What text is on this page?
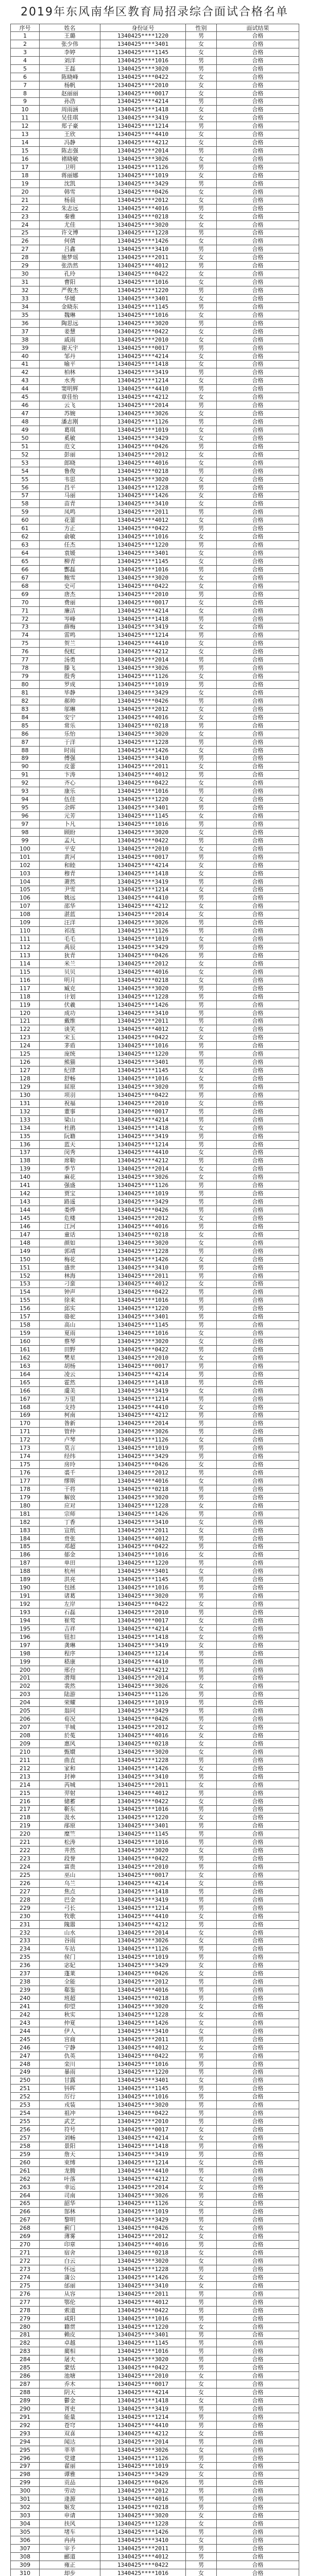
2019年东风南华区教育局招录综合面试合格名单
序号	姓名	身份证号	性别	面试结果
1	王璐	1340425****1220	男	合格
2	张少伟	1340425****3401	女	合格
3	李婷	1340425****1145	女	合格
4	刘洋	1340425****1016	男	合格
5	王磊	1340425****3020	男	合格
6	陈晓峰	1340425****0422	女	合格
7	杨帆	1340425****2010	女	合格
8	赵丽丽	1340425****0017	女	合格
9	孙浩	1340425****4214	男	合格
10	周雨涵	1340425****1418	女	合格
11	吴佳琪	1340425****3419	女	合格
12	郑子豪	1340425****1214	男	合格
13	王欣	1340425****4410	女	合格
14	冯静	1340425****4212	女	合格
15	陈志强	1340425****2014	男	合格
16	褚晓敏	1340425****3026	女	合格
17	卫明	1340425****1126	男	合格
18	蒋丽娜	1340425****1019	女	合格
19	沈凯	1340425****3429	男	合格
20	韩雪	1340425****0426	女	合格
21	杨晨	1340425****2012	女	合格
22	朱志远	1340425****4016	男	合格
23	秦雅	1340425****0218	女	合格
24	尤佳	1340425****3020	女	合格
25	许文博	1340425****1228	男	合格
26	何倩	1340425****1426	女	合格
27	吕鑫	1340425****3410	男	合格
28	施梦瑶	1340425****2011	女	合格
29	张浩然	1340425****4012	男	合格
30	孔玲	1340425****0422	女	合格
31	曹阳	1340425****1016	女	合格
32	严俊杰	1340425****1220	男	合格
33	华媛	1340425****3401	女	合格
34	金晓东	1340425****1145	男	合格
35	魏琳	1340425****1016	女	合格
36	陶思远	1340425****3020	男	合格
37	姜慧	1340425****0422	女	合格
38	戚雨	1340425****2010	女	合格
39	谢天宇	1340425****0017	男	合格
40	邹丹	1340425****4214	女	合格
41	喻平	1340425****1418	女	合格
42	柏林	1340425****3419	男	合格
43	水秀	1340425****1214	女	合格
44	窦明辉	1340425****4410	男	合格
45	章佳怡	1340425****4212	女	合格
46	云飞	1340425****2014	男	合格
47	苏婉	1340425****3026	女	合格
48	潘志刚	1340425****1126	男	合格
49	葛琪	1340425****1019	女	合格
50	奚敏	1340425****3429	女	合格
51	范文	1340425****0426	男	合格
52	彭丽	1340425****2012	女	合格
53	郎晓	1340425****4016	女	合格
54	鲁俊	1340425****0218	男	合格
55	韦思	1340425****3020	女	合格
56	昌平	1340425****1228	男	合格
57	马丽	1340425****1426	女	合格
58	苗青	1340425****3410	女	合格
59	凤鸣	1340425****2011	男	合格
60	花蕾	1340425****4012	女	合格
61	方正	1340425****0422	男	合格
62	俞敏	1340425****1016	女	合格
63	任杰	1340425****1220	男	合格
64	袁媛	1340425****3401	女	合格
65	柳青	1340425****1145	女	合格
66	酆磊	1340425****1016	男	合格
67	鲍雪	1340425****3020	女	合格
68	史可	1340425****0422	女	合格
69	唐杰	1340425****2010	男	合格
70	费丽	1340425****0017	女	合格
71	廉洁	1340425****4214	女	合格
72	岑峰	1340425****1418	男	合格
73	薛梅	1340425****3419	女	合格
74	雷鸣	1340425****1214	男	合格
75	贺兰	1340425****4410	女	合格
76	倪虹	1340425****4212	女	合格
77	汤勇	1340425****2014	男	合格
78	滕飞	1340425****3026	男	合格
79	殷秀	1340425****1126	女	合格
80	罗成	1340425****1019	男	合格
81	毕静	1340425****3429	女	合格
82	郝帅	1340425****0426	男	合格
83	邬琳	1340425****2012	女	合格
84	安宁	1340425****4016	女	合格
85	常乐	1340425****0218	男	合格
86	乐怡	1340425****3020	女	合格
87	于洋	1340425****1228	男	合格
88	时雨	1340425****1426	女	合格
89	傅强	1340425****3410	男	合格
90	皮蕾	1340425****2011	女	合格
91	卞涛	1340425****4012	男	合格
92	齐心	1340425****0422	女	合格
93	康乐	1340425****1016	男	合格
94	伍佳	1340425****1220	女	合格
95	余晖	1340425****3401	男	合格
96	元芳	1340425****1145	女	合格
97	卜凡	1340425****1016	男	合格
98	顾盼	1340425****3020	女	合格
99	孟凡	1340425****0422	男	合格
100	平安	1340425****2010	女	合格
101	黄河	1340425****0017	男	合格
102	和睦	1340425****4214	女	合格
103	穆青	1340425****1418	女	合格
104	萧然	1340425****3419	男	合格
105	尹雪	1340425****1214	女	合格
106	姚远	1340425****4410	男	合格
107	邵华	1340425****4212	女	合格
108	湛蓝	1340425****2014	女	合格
109	汪洋	1340425****3026	男	合格
110	祁连	1340425****1126	男	合格
111	毛毛	1340425****1019	女	合格
112	禹辰	1340425****3429	男	合格
113	狄青	1340425****0426	男	合格
114	米兰	1340425****2012	女	合格
115	贝贝	1340425****4016	女	合格
116	明月	1340425****0218	女	合格
117	臧克	1340425****3020	男	合格
118	计划	1340425****1228	男	合格
119	伏羲	1340425****1426	男	合格
120	成功	1340425****3410	男	合格
121	戴维	1340425****2011	男	合格
122	谈笑	1340425****4012	女	合格
123	宋玉	1340425****0422	女	合格
124	茅盾	1340425****1016	男	合格
125	庞统	1340425****1220	男	合格
126	熊猫	1340425****3401	男	合格
127	纪律	1340425****1145	女	合格
128	舒畅	1340425****1016	女	合格
129	屈原	1340425****3020	男	合格
130	项羽	1340425****0422	男	合格
131	祝福	1340425****2010	女	合格
132	董事	1340425****0017	男	合格
133	梁山	1340425****4214	男	合格
134	杜鹃	1340425****1418	女	合格
135	阮籍	1340425****3419	男	合格
136	蓝天	1340425****1214	男	合格
137	闵秀	1340425****4410	女	合格
138	席勒	1340425****4212	男	合格
139	季节	1340425****2014	女	合格
140	麻花	1340425****3026	女	合格
141	强盛	1340425****1126	男	合格
142	贾宝	1340425****1019	男	合格
143	路遥	1340425****3429	男	合格
144	娄烨	1340425****0426	男	合格
145	危楼	1340425****2012	女	合格
146	江河	1340425****4016	男	合格
147	童话	1340425****0218	女	合格
148	颜如	1340425****3020	女	合格
149	郭靖	1340425****1228	男	合格
150	梅花	1340425****1426	女	合格
151	盛世	1340425****3410	男	合格
152	林海	1340425****2011	男	合格
153	刁蛮	1340425****4012	女	合格
154	钟声	1340425****0422	男	合格
155	徐来	1340425****1016	男	合格
156	邱实	1340425****1220	男	合格
157	骆驼	1340425****3401	男	合格
158	高山	1340425****1145	男	合格
159	夏雨	1340425****1016	女	合格
160	蔡琴	1340425****3020	女	合格
161	田野	1340425****0422	男	合格
162	樊星	1340425****2010	女	合格
163	胡杨	1340425****0017	男	合格
164	凌云	1340425****4214	男	合格
165	霍然	1340425****1418	男	合格
166	虞美	1340425****3419	女	合格
167	万里	1340425****1214	男	合格
168	支持	1340425****4410	女	合格
169	柯南	1340425****4212	男	合格
170	昝新	1340425****2014	男	合格
171	管仲	1340425****3026	男	合格
172	卢琴	1340425****1126	女	合格
173	莫言	1340425****1019	男	合格
174	经纬	1340425****3429	男	合格
175	房玲	1340425****0426	女	合格
176	裘千	1340425****2012	男	合格
177	缪斯	1340425****4016	女	合格
178	干将	1340425****0218	男	合格
179	解放	1340425****3020	男	合格
180	应对	1340425****1228	女	合格
181	宗师	1340425****1426	男	合格
182	丁香	1340425****3410	女	合格
183	宣纸	1340425****2011	女	合格
184	贲张	1340425****4012	男	合格
185	邓超	1340425****0422	男	合格
186	郁金	1340425****1016	女	合格
187	单田	1340425****1220	男	合格
188	杭州	1340425****3401	女	合格
189	洪亮	1340425****1145	男	合格
190	包拯	1340425****1016	男	合格
191	诸葛	1340425****3020	男	合格
192	左岸	1340425****0422	女	合格
193	石磊	1340425****2010	男	合格
194	崔莺	1340425****0017	女	合格
195	吉祥	1340425****4214	女	合格
196	钮扣	1340425****1418	女	合格
197	龚琳	1340425****3419	女	合格
198	程序	1340425****1214	男	合格
199	嵇康	1340425****4410	男	合格
200	邢台	1340425****4212	男	合格
201	滑翔	1340425****2014	男	合格
202	裴然	1340425****3026	女	合格
203	陆游	1340425****1126	男	合格
204	荣耀	1340425****1019	男	合格
205	翁同	1340425****3429	男	合格
206	荀况	1340425****0426	男	合格
207	羊城	1340425****2012	女	合格
208	於菟	1340425****4016	女	合格
209	惠风	1340425****0218	女	合格
210	甄嬛	1340425****3020	女	合格
211	曲直	1340425****1228	男	合格
212	家和	1340425****1426	女	合格
213	封神	1340425****3410	男	合格
214	芮城	1340425****2011	女	合格
215	羿射	1340425****4012	男	合格
216	储蓄	1340425****0422	女	合格
217	靳东	1340425****1016	男	合格
218	汲水	1340425****1220	女	合格
219	邴原	1340425****3401	男	合格
220	糜竺	1340425****1145	男	合格
221	松涛	1340425****1016	男	合格
222	井然	1340425****3020	女	合格
223	段誉	1340425****0422	男	合格
224	富贵	1340425****2010	男	合格
225	巫山	1340425****0017	女	合格
226	乌兰	1340425****4214	女	合格
227	焦点	1340425****1418	男	合格
228	巴金	1340425****3419	男	合格
229	弓长	1340425****1214	男	合格
230	牧歌	1340425****4410	女	合格
231	隗嚣	1340425****4212	男	合格
232	山水	1340425****2014	女	合格
233	谷雨	1340425****3026	女	合格
234	车站	1340425****1126	男	合格
235	侯门	1340425****1019	男	合格
236	宓妃	1340425****3429	女	合格
237	蓬莱	1340425****0426	女	合格
238	全能	1340425****2012	男	合格
239	郗鉴	1340425****4016	男	合格
240	班超	1340425****0218	男	合格
241	仰望	1340425****3020	女	合格
242	秋实	1340425****1228	女	合格
243	仲夏	1340425****1426	女	合格
244	伊人	1340425****3410	女	合格
245	宫商	1340425****2011	男	合格
246	宁静	1340425****4012	女	合格
247	仇英	1340425****0422	男	合格
248	栾川	1340425****1016	男	合格
249	暴雨	1340425****1220	男	合格
250	甘露	1340425****3401	女	合格
251	钭晖	1340425****1145	男	合格
252	厉行	1340425****1016	男	合格
253	戎装	1340425****3020	男	合格
254	祖冲	1340425****0422	男	合格
255	武艺	1340425****2010	男	合格
256	符号	1340425****0017	女	合格
257	刘畅	1340425****4214	女	合格
258	景阳	1340425****1418	男	合格
259	詹天	1340425****3419	男	合格
260	束缚	1340425****1214	女	合格
261	龙腾	1340425****4410	男	合格
262	叶落	1340425****4212	女	合格
263	幸运	1340425****2014	女	合格
264	司南	1340425****3026	男	合格
265	韶华	1340425****1126	女	合格
266	郜林	1340425****1019	男	合格
267	黎明	1340425****3429	男	合格
268	蓟门	1340425****0426	女	合格
269	薄雾	1340425****2012	女	合格
270	印章	1340425****4016	男	合格
271	宿舍	1340425****0218	女	合格
272	白云	1340425****3020	女	合格
273	怀远	1340425****1228	男	合格
274	蒲公	1340425****1426	女	合格
275	邰丽	1340425****3410	女	合格
276	从容	1340425****2011	男	合格
277	鄂伦	1340425****4012	男	合格
278	索道	1340425****0422	男	合格
279	咸阳	1340425****1016	男	合格
280	籍贯	1340425****1220	女	合格
281	赖皮	1340425****3401	男	合格
282	卓越	1340425****1145	男	合格
283	蔺相	1340425****1016	男	合格
284	屠夫	1340425****3020	男	合格
285	蒙恬	1340425****0422	男	合格
286	池塘	1340425****2010	女	合格
287	乔木	1340425****0017	女	合格
288	阴天	1340425****4214	女	合格
289	鬱金	1340425****1418	女	合格
290	胥吏	1340425****3419	男	合格
291	能量	1340425****1214	男	合格
292	苍穹	1340425****4410	男	合格
293	双喜	1340425****4212	女	合格
294	闻达	1340425****2014	男	合格
295	莘莘	1340425****3026	女	合格
296	党建	1340425****1126	男	合格
297	翟丽	1340425****1019	女	合格
298	谭雅	1340425****3429	女	合格
299	贡品	1340425****0426	男	合格
300	劳动	1340425****2012	男	合格
301	逄源	1340425****4016	男	合格
302	姬发	1340425****0218	男	合格
303	申请	1340425****3020	女	合格
304	扶风	1340425****1228	女	合格
305	堵车	1340425****1426	男	合格
306	冉冉	1340425****3410	女	合格
307	宰予	1340425****2011	男	合格
308	郦道	1340425****4012	男	合格
309	雍正	1340425****0422	男	合格
310	却步	1340425****1016	女	合格
